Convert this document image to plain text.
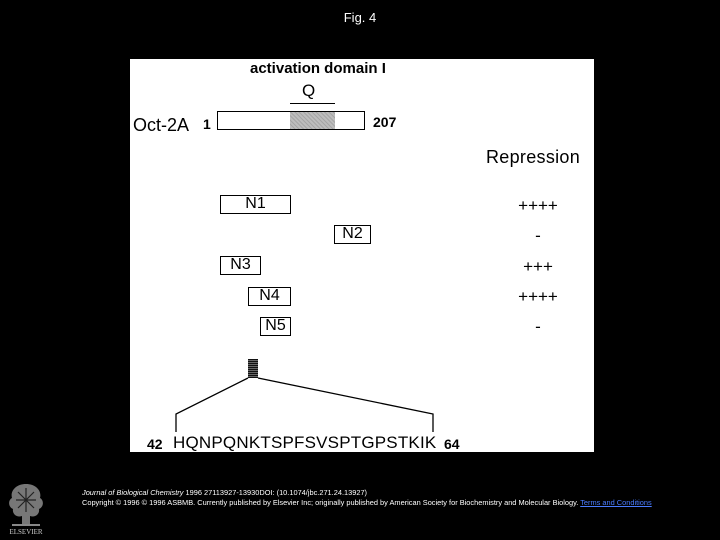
Fig. 4
activation domain I
Q
Oct-2A 1	207
Repression
N1	++++
N2	-
N3	+++
N4	++++
N5	-
42 HQNPQNKTSPFSVSPTGPSTKIK 64
ELSEVIER
Journal of Biological Chemistry 1996 27113927-13930DOI: (10.1074/jbc.271.24.13927)
Copyright © 1996 © 1996 ASBMB. Currently published by Elsevier Inc; originally published by American Society for Biochemistry and Molecular Biology. Terms and Conditions
